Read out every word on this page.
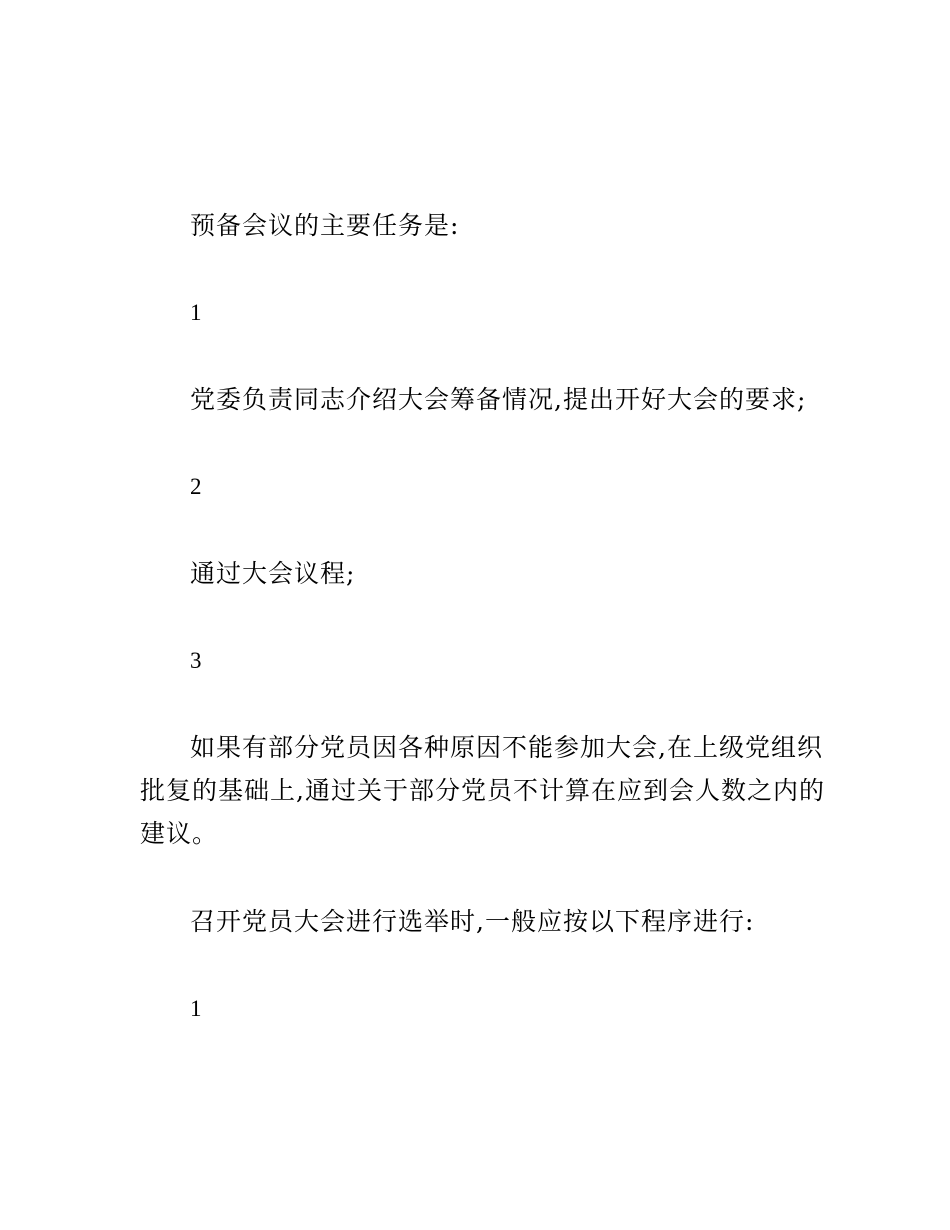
预备会议的主要任务是:
1
党委负责同志介绍大会筹备情况,提出开好大会的要求;
2
通过大会议程;
3
如果有部分党员因各种原因不能参加大会,在上级党组织
批复的基础上,通过关于部分党员不计算在应到会人数之内的
建议。
召开党员大会进行选举时,一般应按以下程序进行:
1
